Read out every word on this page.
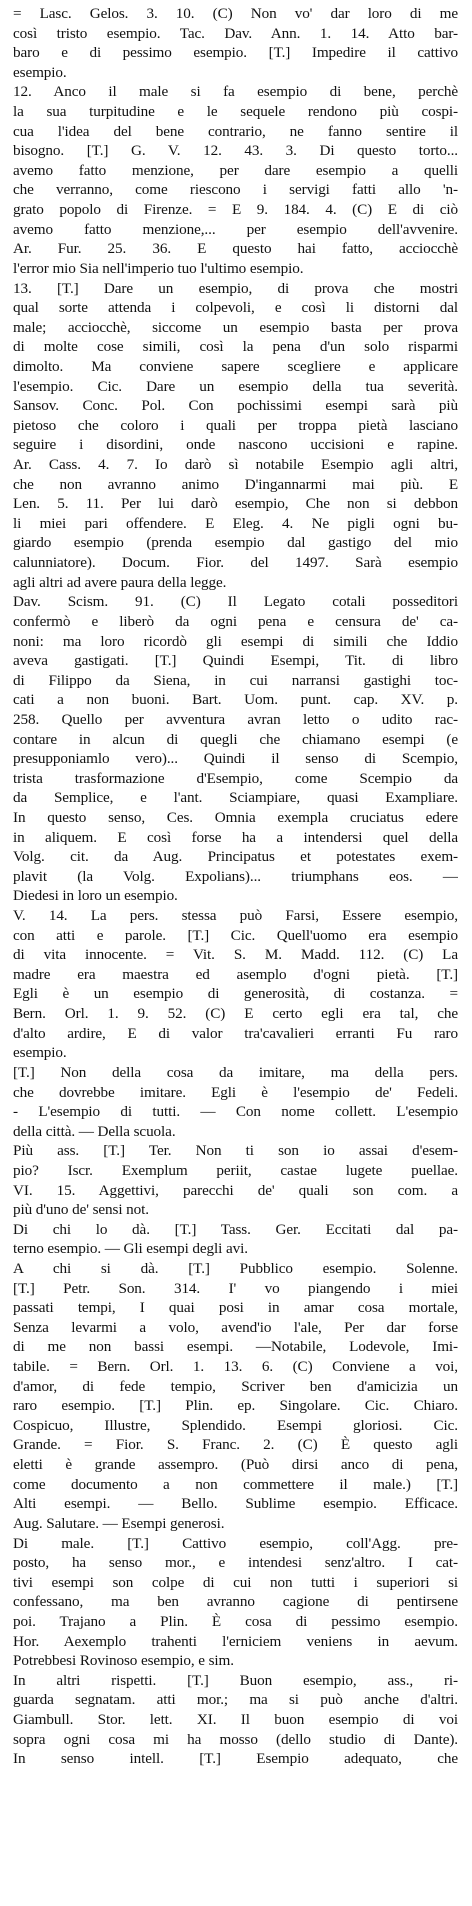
= Lasc. Gelos. 3. 10. (C) Non vo' dar loro di me
così tristo esempio. Tac. Dav. Ann. 1. 14. Atto bar-
baro e di pessimo esempio. [T.] Impedire il cattivo
esempio.
12. Anco il male si fa esempio di bene, perchè
la sua turpitudine e le sequele rendono più cospi-
cua l'idea del bene contrario, ne fanno sentire il
bisogno. [T.] G. V. 12. 43. 3. Di questo torto...
avemo fatto menzione, per dare esempio a quelli
che verranno, come riescono i servigi fatti allo 'n-
grato popolo di Firenze. = E 9. 184. 4. (C) E di ciò
avemo fatto menzione,... per esempio dell'avvenire.
Ar. Fur. 25. 36. E questo hai fatto, acciocchè
l'error mio Sia nell'imperio tuo l'ultimo esempio.
13. [T.] Dare un esempio, di prova che mostri
qual sorte attenda i colpevoli, e così li distorni dal
male; acciocchè, siccome un esempio basta per prova
di molte cose simili, così la pena d'un solo risparmi
dimolto. Ma conviene sapere scegliere e applicare
l'esempio. Cic. Dare un esempio della tua severità.
Sansov. Conc. Pol. Con pochissimi esempi sarà più
pietoso che coloro i quali per troppa pietà lasciano
seguire i disordini, onde nascono uccisioni e rapine.
Ar. Cass. 4. 7. Io darò sì notabile Esempio agli altri,
che non avranno animo D'ingannarmi mai più. E
Len. 5. 11. Per lui darò esempio, Che non si debbon
li miei pari offendere. E Eleg. 4. Ne pigli ogni bu-
giardo esempio (prenda esempio dal gastigo del mio
calunniatore). Docum. Fior. del 1497. Sarà esempio
agli altri ad avere paura della legge.
Dav. Scism. 91. (C) Il Legato cotali posseditori
confermò e liberò da ogni pena e censura de' ca-
noni: ma loro ricordò gli esempi di simili che Iddio
aveva gastigati. [T.] Quindi Esempi, Tit. di libro
di Filippo da Siena, in cui narransi gastighi toc-
cati a non buoni. Bart. Uom. punt. cap. XV. p.
258. Quello per avventura avran letto o udito rac-
contare in alcun di quegli che chiamano esempi (e
presupponiamlo vero)... Quindi il senso di Scempio,
trista trasformazione d'Esempio, come Scempio da
da Semplice, e l'ant. Sciampiare, quasi Exampliare.
In questo senso, Ces. Omnia exempla cruciatus edere
in aliquem. E così forse ha a intendersi quel della
Volg. cit. da Aug. Principatus et potestates exem-
plavit (la Volg. Expolians)... triumphans eos. —
Diedesi in loro un esempio.
V. 14. La pers. stessa può Farsi, Essere esempio,
con atti e parole. [T.] Cic. Quell'uomo era esempio
di vita innocente. = Vit. S. M. Madd. 112. (C) La
madre era maestra ed asemplo d'ogni pietà. [T.]
Egli è un esempio di generosità, di costanza. =
Bern. Orl. 1. 9. 52. (C) E certo egli era tal, che
d'alto ardire, E di valor tra'cavalieri erranti Fu raro
esempio.
[T.] Non della cosa da imitare, ma della pers.
che dovrebbe imitare. Egli è l'esempio de' Fedeli.
- L'esempio di tutti. — Con nome collett. L'esempio
della città. — Della scuola.
Più ass. [T.] Ter. Non ti son io assai d'esem-
pio? Iscr. Exemplum periit, castae lugete puellae.
VI. 15. Aggettivi, parecchi de' quali son com. a
più d'uno de' sensi not.
Di chi lo dà. [T.] Tass. Ger. Eccitati dal pa-
terno esempio. — Gli esempi degli avi.
A chi si dà. [T.] Pubblico esempio. Solenne.
[T.] Petr. Son. 314. I' vo piangendo i miei
passati tempi, I quai posi in amar cosa mortale,
Senza levarmi a volo, avend'io l'ale, Per dar forse
di me non bassi esempi. —Notabile, Lodevole, Imi-
tabile. = Bern. Orl. 1. 13. 6. (C) Conviene a voi,
d'amor, di fede tempio, Scriver ben d'amicizia un
raro esempio. [T.] Plin. ep. Singolare. Cic. Chiaro.
Cospicuo, Illustre, Splendido. Esempi gloriosi. Cic.
Grande. = Fior. S. Franc. 2. (C) È questo agli
eletti è grande assempro. (Può dirsi anco di pena,
come documento a non commettere il male.) [T.]
Alti esempi. — Bello. Sublime esempio. Efficace.
Aug. Salutare. — Esempi generosi.
Di male. [T.] Cattivo esempio, coll'Agg. pre-
posto, ha senso mor., e intendesi senz'altro. I cat-
tivi esempi son colpe di cui non tutti i superiori si
confessano, ma ben avranno cagione di pentirsene
poi. Trajano a Plin. È cosa di pessimo esempio.
Hor. Aexemplo trahenti l'erniciem veniens in aevum.
Potrebbesi Rovinoso esempio, e sim.
In altri rispetti. [T.] Buon esempio, ass., ri-
guarda segnatam. atti mor.; ma si può anche d'altri.
Giambull. Stor. lett. XI. Il buon esempio di voi
sopra ogni cosa mi ha mosso (dello studio di Dante).
In senso intell. [T.] Esempio adequato, che
